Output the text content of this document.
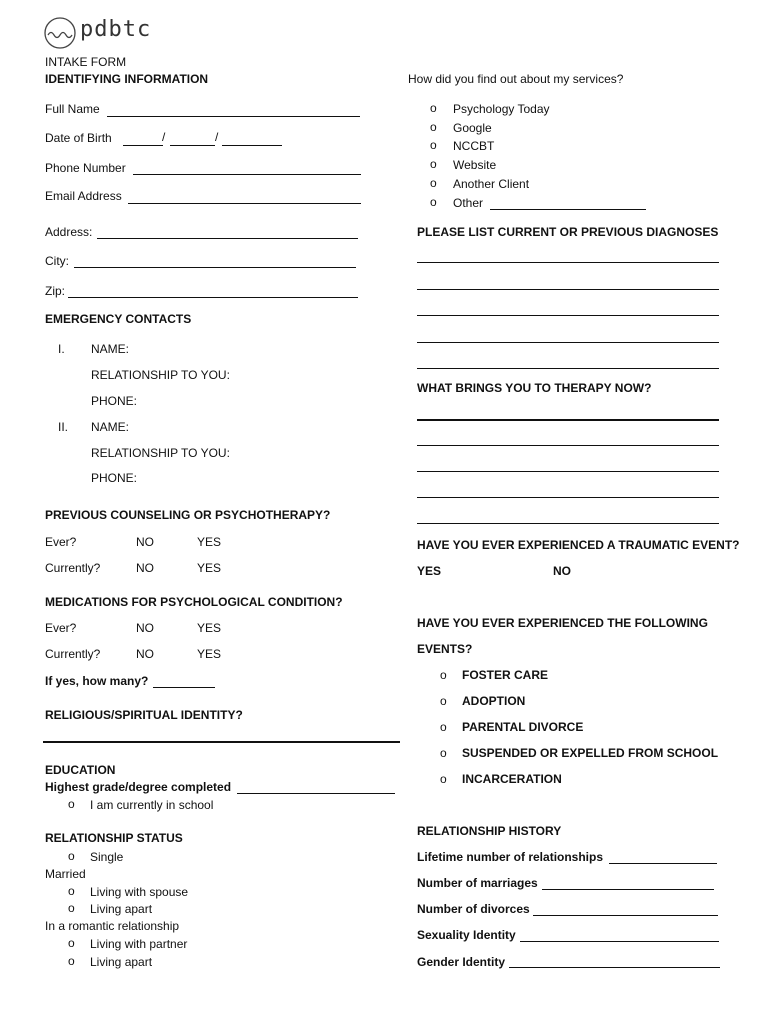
pdbtc
INTAKE FORM
IDENTIFYING INFORMATION
Full Name
Date of Birth	/	/
Phone Number
Email Address
Address:
City:
Zip:
EMERGENCY CONTACTS
I. NAME:
RELATIONSHIP TO YOU:
PHONE:
II. NAME:
RELATIONSHIP TO YOU:
PHONE:
PREVIOUS COUNSELING OR PSYCHOTHERAPY?
Ever?	NO	YES
Currently?	NO	YES
MEDICATIONS FOR PSYCHOLOGICAL CONDITION?
Ever?	NO	YES
Currently?	NO	YES
If yes, how many?
RELIGIOUS/SPIRITUAL IDENTITY?
EDUCATION
Highest grade/degree completed
o I am currently in school
RELATIONSHIP STATUS
o Single
Married
o Living with spouse
o Living apart
In a romantic relationship
o Living with partner
o Living apart
How did you find out about my services?
o Psychology Today
o Google
o NCCBT
o Website
o Another Client
o Other
PLEASE LIST CURRENT OR PREVIOUS DIAGNOSES
WHAT BRINGS YOU TO THERAPY NOW?
HAVE YOU EVER EXPERIENCED A TRAUMATIC EVENT?
YES	NO
HAVE YOU EVER EXPERIENCED THE FOLLOWING
EVENTS?
o FOSTER CARE
o ADOPTION
o PARENTAL DIVORCE
o SUSPENDED OR EXPELLED FROM SCHOOL
o INCARCERATION
RELATIONSHIP HISTORY
Lifetime number of relationships
Number of marriages
Number of divorces
Sexuality Identity
Gender Identity
